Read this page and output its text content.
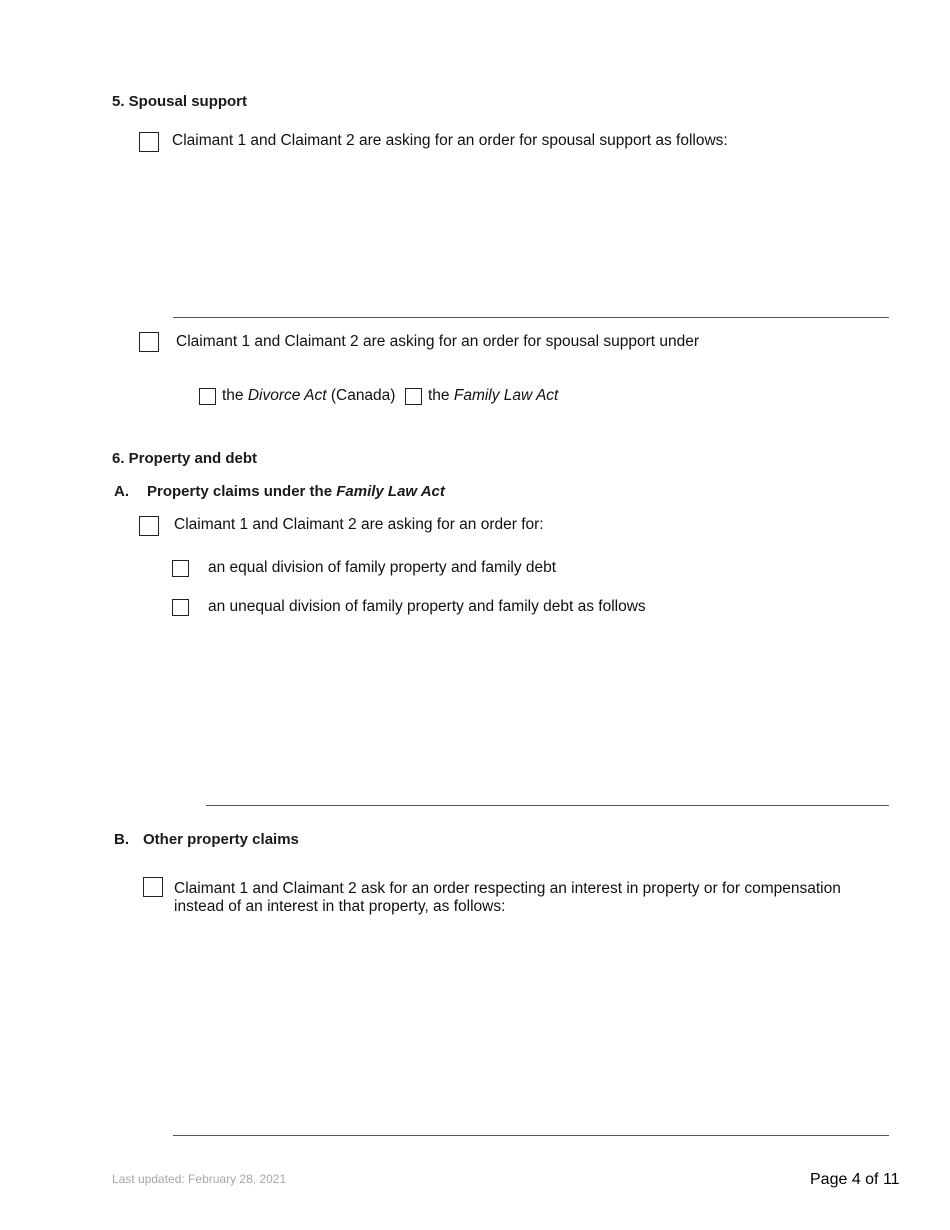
5. Spousal support
Claimant 1 and Claimant 2 are asking for an order for spousal support as follows:
Claimant 1 and Claimant 2 are asking for an order for spousal support under
the Divorce Act (Canada) the Family Law Act
6. Property and debt
A. Property claims under the Family Law Act
Claimant 1 and Claimant 2 are asking for an order for:
an equal division of family property and family debt
an unequal division of family property and family debt as follows
B. Other property claims
Claimant 1 and Claimant 2 ask for an order respecting an interest in property or for compensation
instead of an interest in that property, as follows:
Last updated: February 28, 2021	Page 4 of 11
